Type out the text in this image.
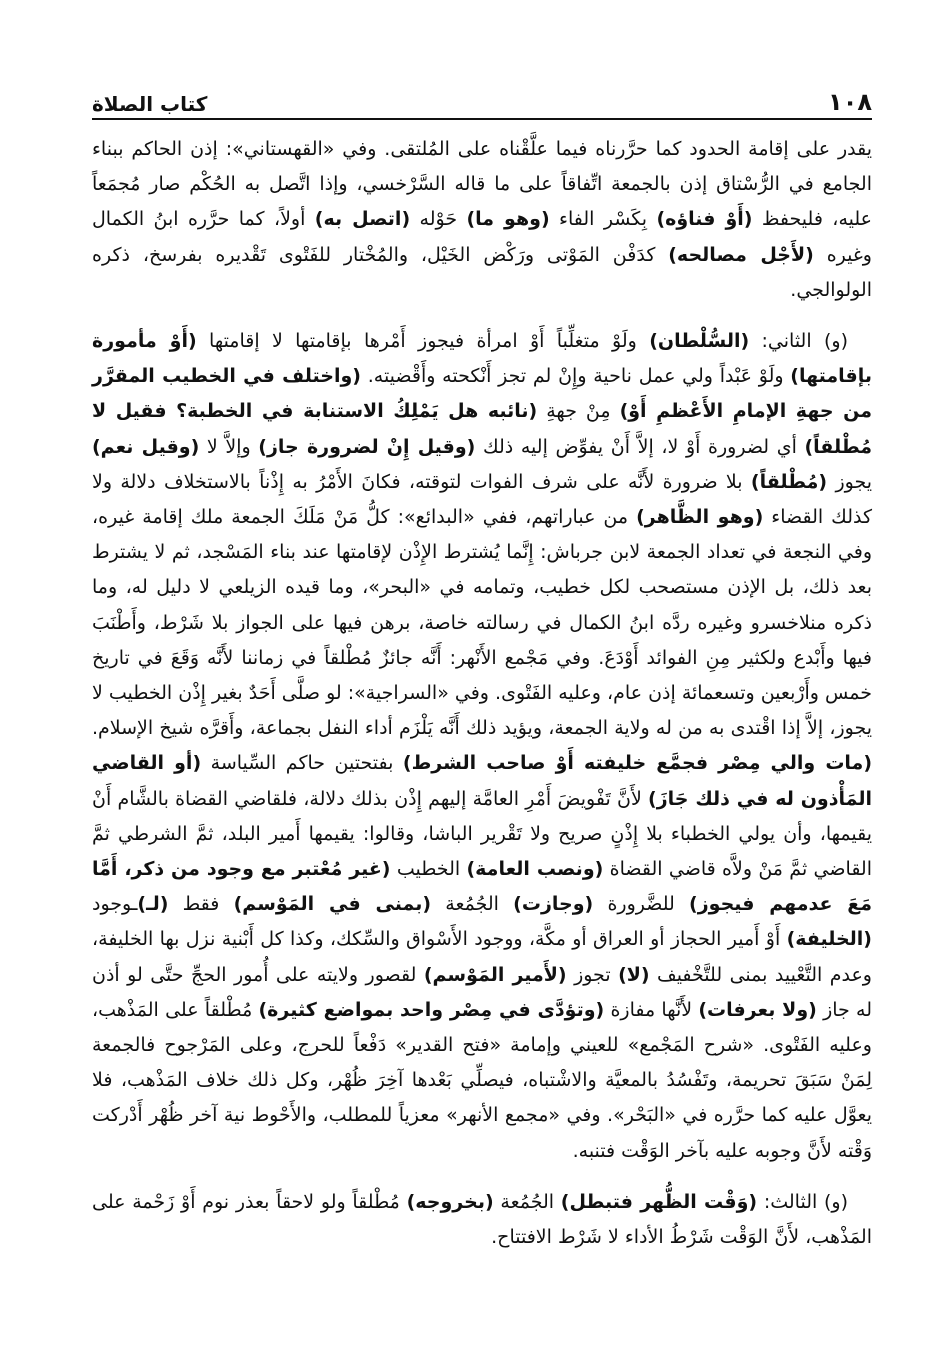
١٠٨
كتاب الصلاة

يقدر على إقامة الحدود كما حرَّرناه فيما علَّقْناه على المُلتقى. وفي «القهستاني»: إذن الحاكم ببناء الجامع في الرُّسْتاق إذن بالجمعة اتِّفاقاً على ما قاله السَّرْخسي، وإذا اتَّصل به الحُكْم صار مُجمَعاً عليه، فليحفظ (أَوْ فناؤه) بِكَسْر الفاء (وهو ما) حَوْله (اتصل به) أولاً، كما حرَّره ابنُ الكمال وغيره (لأَجْل مصالحه) كدَفْن المَوْتى ورَكْض الخَيْل، والمُخْتار للفَتْوى تَقْديره بفرسخ، ذكره الولوالجي.

(و) الثاني: (السُّلْطان) ولَوْ متغلِّباً أَوْ امرأة فيجوز أَمْرها بإقامتها لا إقامتها (أَوْ مأمورة بإقامتها) ولَوْ عَبْداً ولي عمل ناحية وإِنْ لم تجز أَنْكحته وأَقْضيته. (واختلف في الخطيب المقرَّر من جهةِ الإمامِ الأَعْظمِ أَوْ) مِنْ جهةِ (نائبه هل يَمْلِكُ الاستنابة في الخطبة؟ فقيل لا مُطْلقاً) أي لضرورة أَوْ لا، إلاَّ أَنْ يفوِّض إليه ذلك (وقيل إِنْ لضرورة جاز) وإلاَّ لا (وقيل نعم) يجوز (مُطْلقاً) بلا ضرورة لأَنَّه على شرف الفوات لتوقته، فكانَ الأَمْرُ به إِذْناً بالاستخلاف دلالة ولا كذلك القضاء (وهو الظَّاهر) من عباراتهم، ففي «البدائع»: كلُّ مَنْ مَلَكَ الجمعة ملك إقامة غيره، وفي النجعة في تعداد الجمعة لابن جرباش: إِنَّما يُشترط الإِذْن لإقامتها عند بناء المَسْجد، ثم لا يشترط بعد ذلك، بل الإذن مستصحب لكل خطيب، وتمامه في «البحر»، وما قيده الزيلعي لا دليل له، وما ذكره منلاخسرو وغيره ردَّه ابنُ الكمال في رسالته خاصة، برهن فيها على الجواز بلا شَرْط، وأَطْنَبَ فيها وأَبْدع ولكثير مِنِ الفوائد أَوْدَعَ. وفي مَجْمع الأَنْهر: أَنَّه جائزٌ مُطْلقاً في زماننا لأَنَّه وَقَعَ في تاريخ خمس وأَرْبعين وتسعمائة إذن عام، وعليه الفَتْوى. وفي «السراجية»: لو صلَّى أَحَدٌ بغير إِذْن الخطيب لا يجوز، إلاَّ إذا اقْتدى به من له ولاية الجمعة، ويؤيد ذلك أَنَّه يَلْزَم أداء النفل بجماعة، وأَقرَّه شيخ الإسلام. (مات والي مِصْر فجمَّع خليفته أَوْ صاحب الشرط) بفتحتين حاكم السِّياسة (أو القاضي المَأْذون له في ذلك جَازَ) لأَنَّ تَفْويضَ أَمْرِ العامَّة إليهم إِذْن بذلك دلالة، فلقاضي القضاة بالشَّام أَنْ يقيمها، وأن يولي الخطباء بلا إِذْنٍ صريح ولا تَقْرير الباشا، وقالوا: يقيمها أَمير البلد، ثمَّ الشرطي ثمَّ القاضي ثمَّ مَنْ ولاَّه قاضي القضاة (ونصب العامة) الخطيب (غير مُعْتبر مع وجود من ذكر، أَمَّا مَعَ عدمهم فيجوز) للضَّرورة (وجازت) الجُمُعة (بمنى في المَوْسم) فقط (لـ)ـوجود (الخليفة) أَوْ أَمير الحجاز أو العراق أو مكَّة، ووجود الأَسْواق والسِّكك، وكذا كل أَبْنية نزل بها الخليفة، وعدم التَّعْييد بمنى للتَّخْفيف (لا) تجوز (لأَمير المَوْسم) لقصور ولايته على أُمور الحجِّ حتَّى لو أذن له جاز (ولا بعرفات) لأَنَّها مفازة (وتؤدَّى في مِصْر واحد بمواضع كثيرة) مُطْلقاً على المَذْهب، وعليه الفَتْوى. «شرح المَجْمع» للعيني وإمامة «فتح القدير» دَفْعاً للحرج، وعلى المَرْجوح فالجمعة لِمَنْ سَبَقَ تحريمة، وتَفْسُدُ بالمعيَّة والاشْتباه، فيصلِّي بَعْدها آخِرَ ظُهْر، وكل ذلك خلاف المَذْهب، فلا يعوَّل عليه كما حرَّره في «البَحْر». وفي «مجمع الأنهر» معزياً للمطلب، والأَحْوط نية آخر ظُهْر أَدْركت وَقْته لأَنَّ وجوبه عليه بآخر الوَقْت فتنبه.

(و) الثالث: (وَقْت الظُّهر فتبطل) الجُمُعة (بخروجه) مُطْلقاً ولو لاحقاً بعذر نوم أَوْ زَحْمة على المَذْهب، لأَنَّ الوَقْت شَرْطُ الأداء لا شَرْط الافتتاح.
